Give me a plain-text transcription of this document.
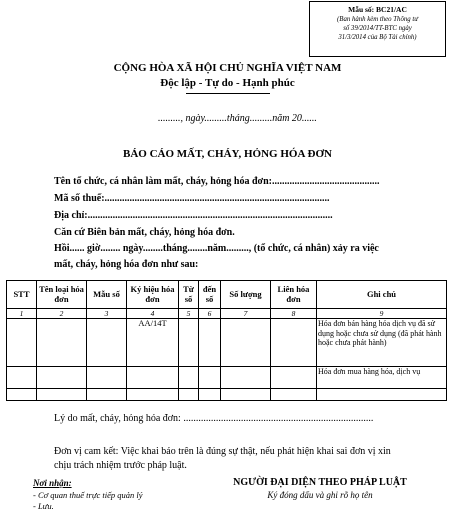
Mẫu số: BC21/AC
(Ban hành kèm theo Thông tư
số 39/2014/TT-BTC ngày
31/3/2014 của Bộ Tài chính)
CỘNG HÒA XÃ HỘI CHỦ NGHĨA VIỆT NAM
Độc lập - Tự do - Hạnh phúc
........., ngày.........tháng.........năm 20......
BÁO CÁO MẤT, CHÁY, HỎNG HÓA ĐƠN
Tên tổ chức, cá nhân làm mất, cháy, hỏng hóa đơn:...........................................
Mã số thuế:..........................................................................................
Địa chỉ:..................................................................................................
Căn cứ Biên bản mất, cháy, hỏng hóa đơn.
Hồi...... giờ........ ngày........tháng........năm........., (tổ chức, cá nhân) xảy ra việc
mất, cháy, hỏng hóa đơn như sau:
STT	Tên loại hóa đơn	Mẫu số	Ký hiệu hóa đơn	Từ số	đến số	Số lượng	Liên hóa đơn	Ghi chú
1	2	3	4	5	6	7	8	9
			AA/14T					Hóa đơn bán hàng hóa dịch vụ đã sử dụng hoặc chưa sử dụng (đã phát hành hoặc chưa phát hành)
								Hóa đơn mua hàng hóa, dịch vụ

Lý do mất, cháy, hỏng hóa đơn: ............................................................................
Đơn vị cam kết: Việc khai báo trên là đúng sự thật, nếu phát hiện khai sai đơn vị xin
chịu trách nhiệm trước pháp luật.
Nơi nhận:
- Cơ quan thuế trực tiếp quản lý
- Lưu.
NGƯỜI ĐẠI DIỆN THEO PHÁP LUẬT
Ký đóng dấu và ghi rõ họ tên
